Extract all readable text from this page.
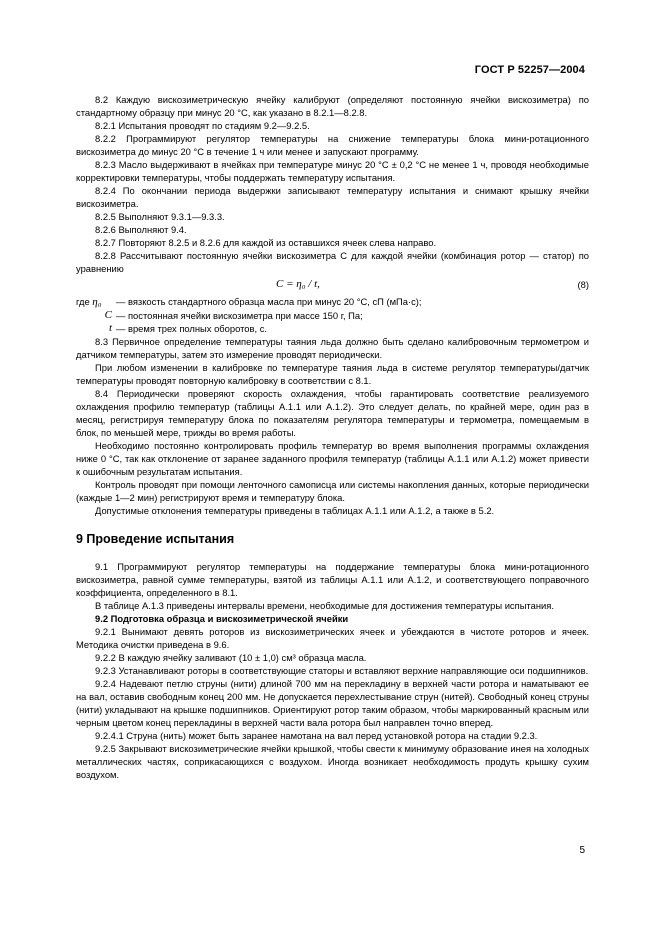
ГОСТ Р 52257—2004

8.2 Каждую вискозиметрическую ячейку калибруют (определяют постоянную ячейки вискозиметра) по стандартному образцу при минус 20 °С, как указано в 8.2.1—8.2.8.

8.2.1 Испытания проводят по стадиям 9.2—9.2.5.

8.2.2 Программируют регулятор температуры на снижение температуры блока мини-ротационного вискозиметра до минус 20 °С в течение 1 ч или менее и запускают программу.

8.2.3 Масло выдерживают в ячейках при температуре минус 20 °С ± 0,2 °С не менее 1 ч, проводя необходимые корректировки температуры, чтобы поддержать температуру испытания.

8.2.4 По окончании периода выдержки записывают температуру испытания и снимают крышку ячейки вискозиметра.

8.2.5 Выполняют 9.3.1—9.3.3.

8.2.6 Выполняют 9.4.

8.2.7 Повторяют 8.2.5 и 8.2.6 для каждой из оставшихся ячеек слева направо.

8.2.8 Рассчитывают постоянную ячейки вискозиметра С для каждой ячейки (комбинация ротор — статор) по уравнению

C = η₀ / t,	(8)
где η₀	— вязкость стандартного образца масла при минус 20 °С, сП (мПа·с);
C — постоянная ячейки вискозиметра при массе 150 г, Па;
t — время трех полных оборотов, с.

8.3 Первичное определение температуры таяния льда должно быть сделано калибровочным термометром и датчиком температуры, затем это измерение проводят периодически.

При любом изменении в калибровке по температуре таяния льда в системе регулятор температуры/датчик температуры проводят повторную калибровку в соответствии с 8.1.

8.4 Периодически проверяют скорость охлаждения, чтобы гарантировать соответствие реализуемого охлаждения профилю температур (таблицы А.1.1 или А.1.2). Это следует делать, по крайней мере, один раз в месяц, регистрируя температуру блока по показателям регулятора температуры и термометра, помещаемым в блок, по меньшей мере, трижды во время работы.

Необходимо постоянно контролировать профиль температур во время выполнения программы охлаждения ниже 0 °С, так как отклонение от заранее заданного профиля температур (таблицы А.1.1 или А.1.2) может привести к ошибочным результатам испытания.

Контроль проводят при помощи ленточного самописца или системы накопления данных, которые периодически (каждые 1—2 мин) регистрируют время и температуру блока.

Допустимые отклонения температуры приведены в таблицах А.1.1 или А.1.2, а также в 5.2.

9 Проведение испытания

9.1 Программируют регулятор температуры на поддержание температуры блока мини-ротационного вискозиметра, равной сумме температуры, взятой из таблицы А.1.1 или А.1.2, и соответствующего поправочного коэффициента, определенного в 8.1.

В таблице А.1.3 приведены интервалы времени, необходимые для достижения температуры испытания.

9.2 Подготовка образца и вискозиметрической ячейки

9.2.1 Вынимают девять роторов из вискозиметрических ячеек и убеждаются в чистоте роторов и ячеек. Методика очистки приведена в 9.6.

9.2.2 В каждую ячейку заливают (10 ± 1,0) см³ образца масла.

9.2.3 Устанавливают роторы в соответствующие статоры и вставляют верхние направляющие оси подшипников.

9.2.4 Надевают петлю струны (нити) длиной 700 мм на перекладину в верхней части ротора и наматывают ее на вал, оставив свободным конец 200 мм. Не допускается перехлестывание струн (нитей). Свободный конец струны (нити) укладывают на крышке подшипников. Ориентируют ротор таким образом, чтобы маркированный красным или черным цветом конец перекладины в верхней части вала ротора был направлен точно вперед.

9.2.4.1 Струна (нить) может быть заранее намотана на вал перед установкой ротора на стадии 9.2.3.

9.2.5 Закрывают вискозиметрические ячейки крышкой, чтобы свести к минимуму образование инея на холодных металлических частях, соприкасающихся с воздухом. Иногда возникает необходимость продуть крышку сухим воздухом.

5
